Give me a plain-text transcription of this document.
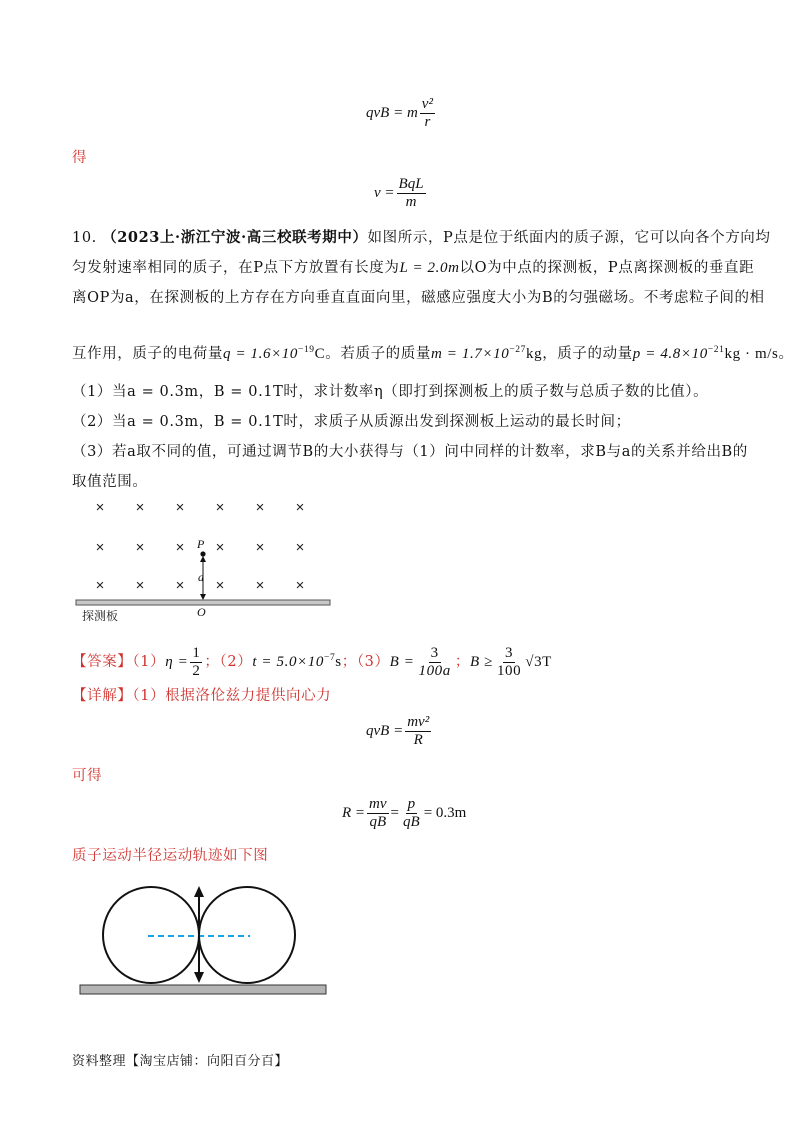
qvB = m $\frac{\text{v²}}{r}$
得
$v = \frac{\text{BqL}}{m}$
10. （2023上·浙江宁波·高三校联考期中）如图所示，P点是位于纸面内的质子源，它可以向各个方向均
匀发射速率相同的质子，在P点下方放置有长度为L = 2.0m以O为中点的探测板，P点离探测板的垂直距
离OP为a，在探测板的上方存在方向垂直直面向里，磁感应强度大小为B的匀强磁场。不考虑粒子间的相
互作用，质子的电荷量$q = 1.6\times 10^{-19}C$。若质子的质量$m = 1.7\times 10^{-27}kg$，质子的动量$p = 4.8\times 10^{-21}kg \cdot m/s$。
（1）当a = 0.3m，B = 0.1T时，求计数率η（即打到探测板上的质子数与总质子数的比值）。
（2）当a = 0.3m，B = 0.1T时，求质子从质源出发到探测板上运动的最长时间；
（3）若a取不同的值，可通过调节B的大小获得与（1）问中同样的计数率，求B与a的关系并给出B的
取值范围。
× × × × × ×
× × × × × ×
× × × × × ×
P
a
O
探测板
【答案】$(1)\eta = \frac{1}{2}$ ；$(2)t = 5.0\times 10^{-7}s$；$(3)B = \frac{3}{100a}$ ；$B \ge \frac{3}{100} √3T$
【详解】（1）根据洛伦兹力提供向心力
qvB = $\frac{\text{mv²}}{R}$
可得
$R = \frac{mv}{qB} = \frac{p}{qB} = 0.3m$
质子运动半径运动轨迹如下图
资料整理【淘宝店铺：向阳百分百】
